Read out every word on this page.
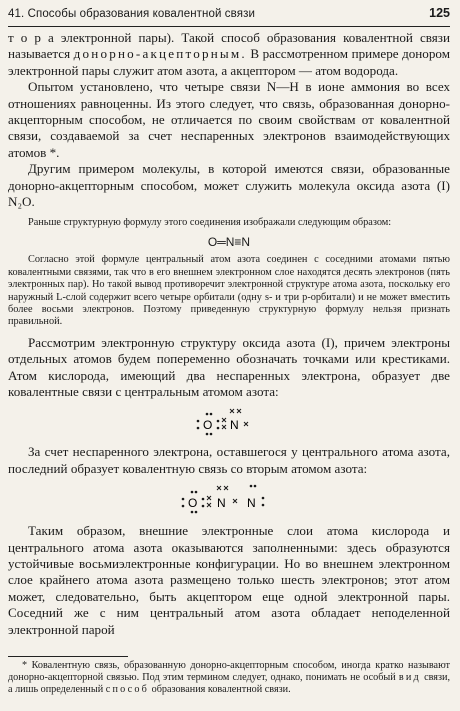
41. Способы образования ковалентной связи	125

т о р а электронной пары). Такой способ образования ковалентной связи называется донорно-акцепторным. В рассмотренном примере донором электронной пары служит атом азота, а акцептором — атом водорода.

Опытом установлено, что четыре связи N—H в ионе аммония во всех отношениях равноценны. Из этого следует, что связь, образованная донорно-акцепторным способом, не отличается по своим свойствам от ковалентной связи, создаваемой за счет неспаренных электронов взаимодействующих атомов *.

Другим примером молекулы, в которой имеются связи, образованные донорно-акцепторным способом, может служить молекула оксида азота (I) N₂O.

Раньше структурную формулу этого соединения изображали следующим образом:

O═N≡N

Согласно этой формуле центральный атом азота соединен с соседними атомами пятью ковалентными связями, так что в его внешнем электронном слое находятся десять электронов (пять электронных пар). Но такой вывод противоречит электронной структуре атома азота, поскольку его наружный L-слой содержит всего четыре орбитали (одну s- и три p-орбитали) и не может вместить более восьми электронов. Поэтому приведенную структурную формулу нельзя признать правильной.

Рассмотрим электронную структуру оксида азота (I), причем электроны отдельных атомов будем попеременно обозначать точками или крестиками. Атом кислорода, имеющий два неспаренных электрона, образует две ковалентные связи с центральным атомом азота:

O N

За счет неспаренного электрона, оставшегося у центрального атома азота, последний образует ковалентную связь со вторым атомом азота:

O N N

Таким образом, внешние электронные слои атома кислорода и центрального атома азота оказываются заполненными: здесь образуются устойчивые восьмиэлектронные конфигурации. Но во внешнем электронном слое крайнего атома азота размещено только шесть электронов; этот атом может, следовательно, быть акцептором еще одной электронной пары. Соседний же с ним центральный атом азота обладает неподеленной электронной парой

* Ковалентную связь, образованную донорно-акцепторным способом, иногда кратко называют донорно-акцепторной связью. Под этим термином следует, однако, понимать не особый вид связи, а лишь определенный способ образования ковалентной связи.
